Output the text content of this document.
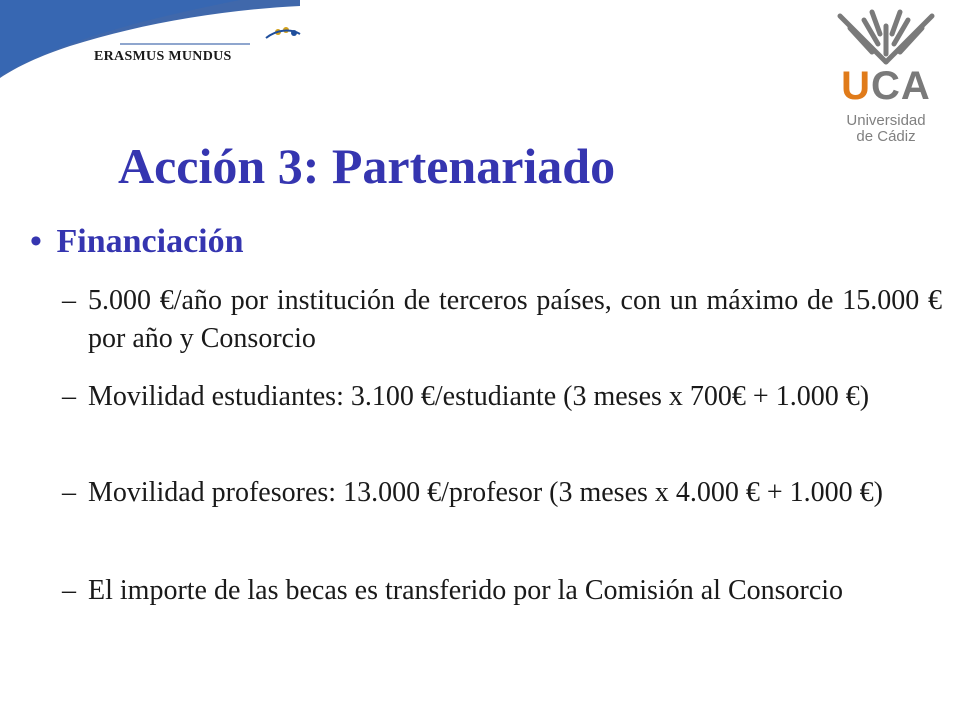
ERASMUS MUNDUS
UCA
Universidad
de Cádiz
Acción 3: Partenariado
• Financiación
– 5.000 €/año por institución de terceros países, con un máximo de 15.000 € por año y Consorcio
– Movilidad estudiantes: 3.100 €/estudiante (3 meses x 700€ + 1.000 €)
– Movilidad profesores: 13.000 €/profesor (3 meses x 4.000 € + 1.000 €)
– El importe de las becas es transferido por la Comisión al Consorcio
